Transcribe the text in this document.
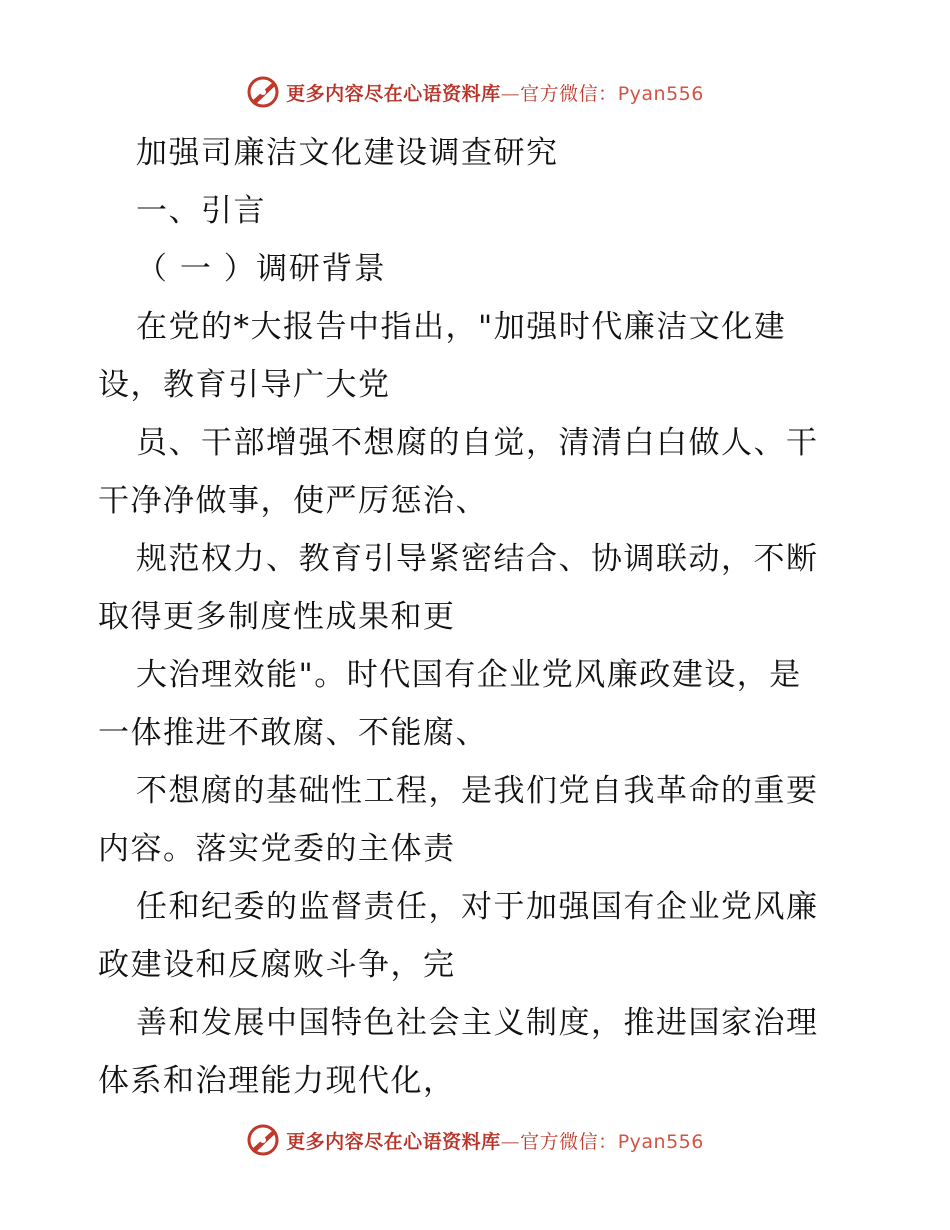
更多内容尽在心语资料库—官方微信：Pyan556
加强司廉洁文化建设调查研究
一、引言
（ 一 ）调研背景
在党的*大报告中指出，"加强时代廉洁文化建
设，教育引导广大党
员、干部增强不想腐的自觉，清清白白做人、干
干净净做事，使严厉惩治、
规范权力、教育引导紧密结合、协调联动，不断
取得更多制度性成果和更
大治理效能"。时代国有企业党风廉政建设，是
一体推进不敢腐、不能腐、
不想腐的基础性工程，是我们党自我革命的重要
内容。落实党委的主体责
任和纪委的监督责任，对于加强国有企业党风廉
政建设和反腐败斗争，完
善和发展中国特色社会主义制度，推进国家治理
体系和治理能力现代化，
更多内容尽在心语资料库—官方微信：Pyan556
